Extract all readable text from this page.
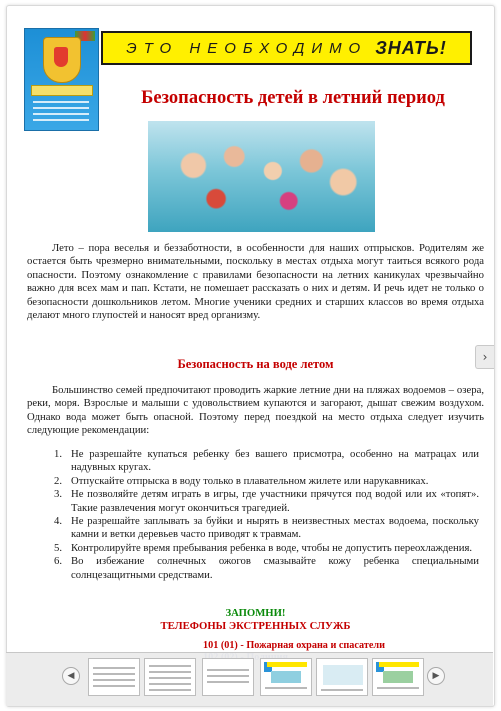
ЭТО НЕОБХОДИМО ЗНАТЬ!
Безопасность детей в летний период

Лето – пора веселья и беззаботности, в особенности для наших отпрысков. Родителям же остается быть чрезмерно внимательными, поскольку в местах отдыха могут таиться всякого рода опасности. Поэтому ознакомление с правилами безопасности на летних каникулах чрезвычайно важно для всех мам и пап. Кстати, не помешает рассказать о них и детям. И речь идет не только о безопасности дошкольников летом. Многие ученики средних и старших классов во время отдыха делают много глупостей и наносят вред организму.

Безопасность на воде летом

Большинство семей предпочитают проводить жаркие летние дни на пляжах водоемов – озера, реки, моря. Взрослые и малыши с удовольствием купаются и загорают, дышат свежим воздухом. Однако вода может быть опасной. Поэтому перед поездкой на место отдыха следует изучить следующие рекомендации:

1. Не разрешайте купаться ребенку без вашего присмотра, особенно на матрацах или надувных кругах.
2. Отпускайте отпрыска в воду только в плавательном жилете или нарукавниках.
3. Не позволяйте детям играть в игры, где участники прячутся под водой или их «топят». Такие развлечения могут окончиться трагедией.
4. Не разрешайте заплывать за буйки и нырять в неизвестных местах водоема, поскольку камни и ветки деревьев часто приводят к травмам.
5. Контролируйте время пребывания ребенка в воде, чтобы не допустить переохлаждения.
6. Во избежание солнечных ожогов смазывайте кожу ребенка специальными солнцезащитными средствами.

ЗАПОМНИ!

ТЕЛЕФОНЫ ЭКСТРЕННЫХ СЛУЖБ

101 (01) - Пожарная охрана и спасатели

›
◀	▶
